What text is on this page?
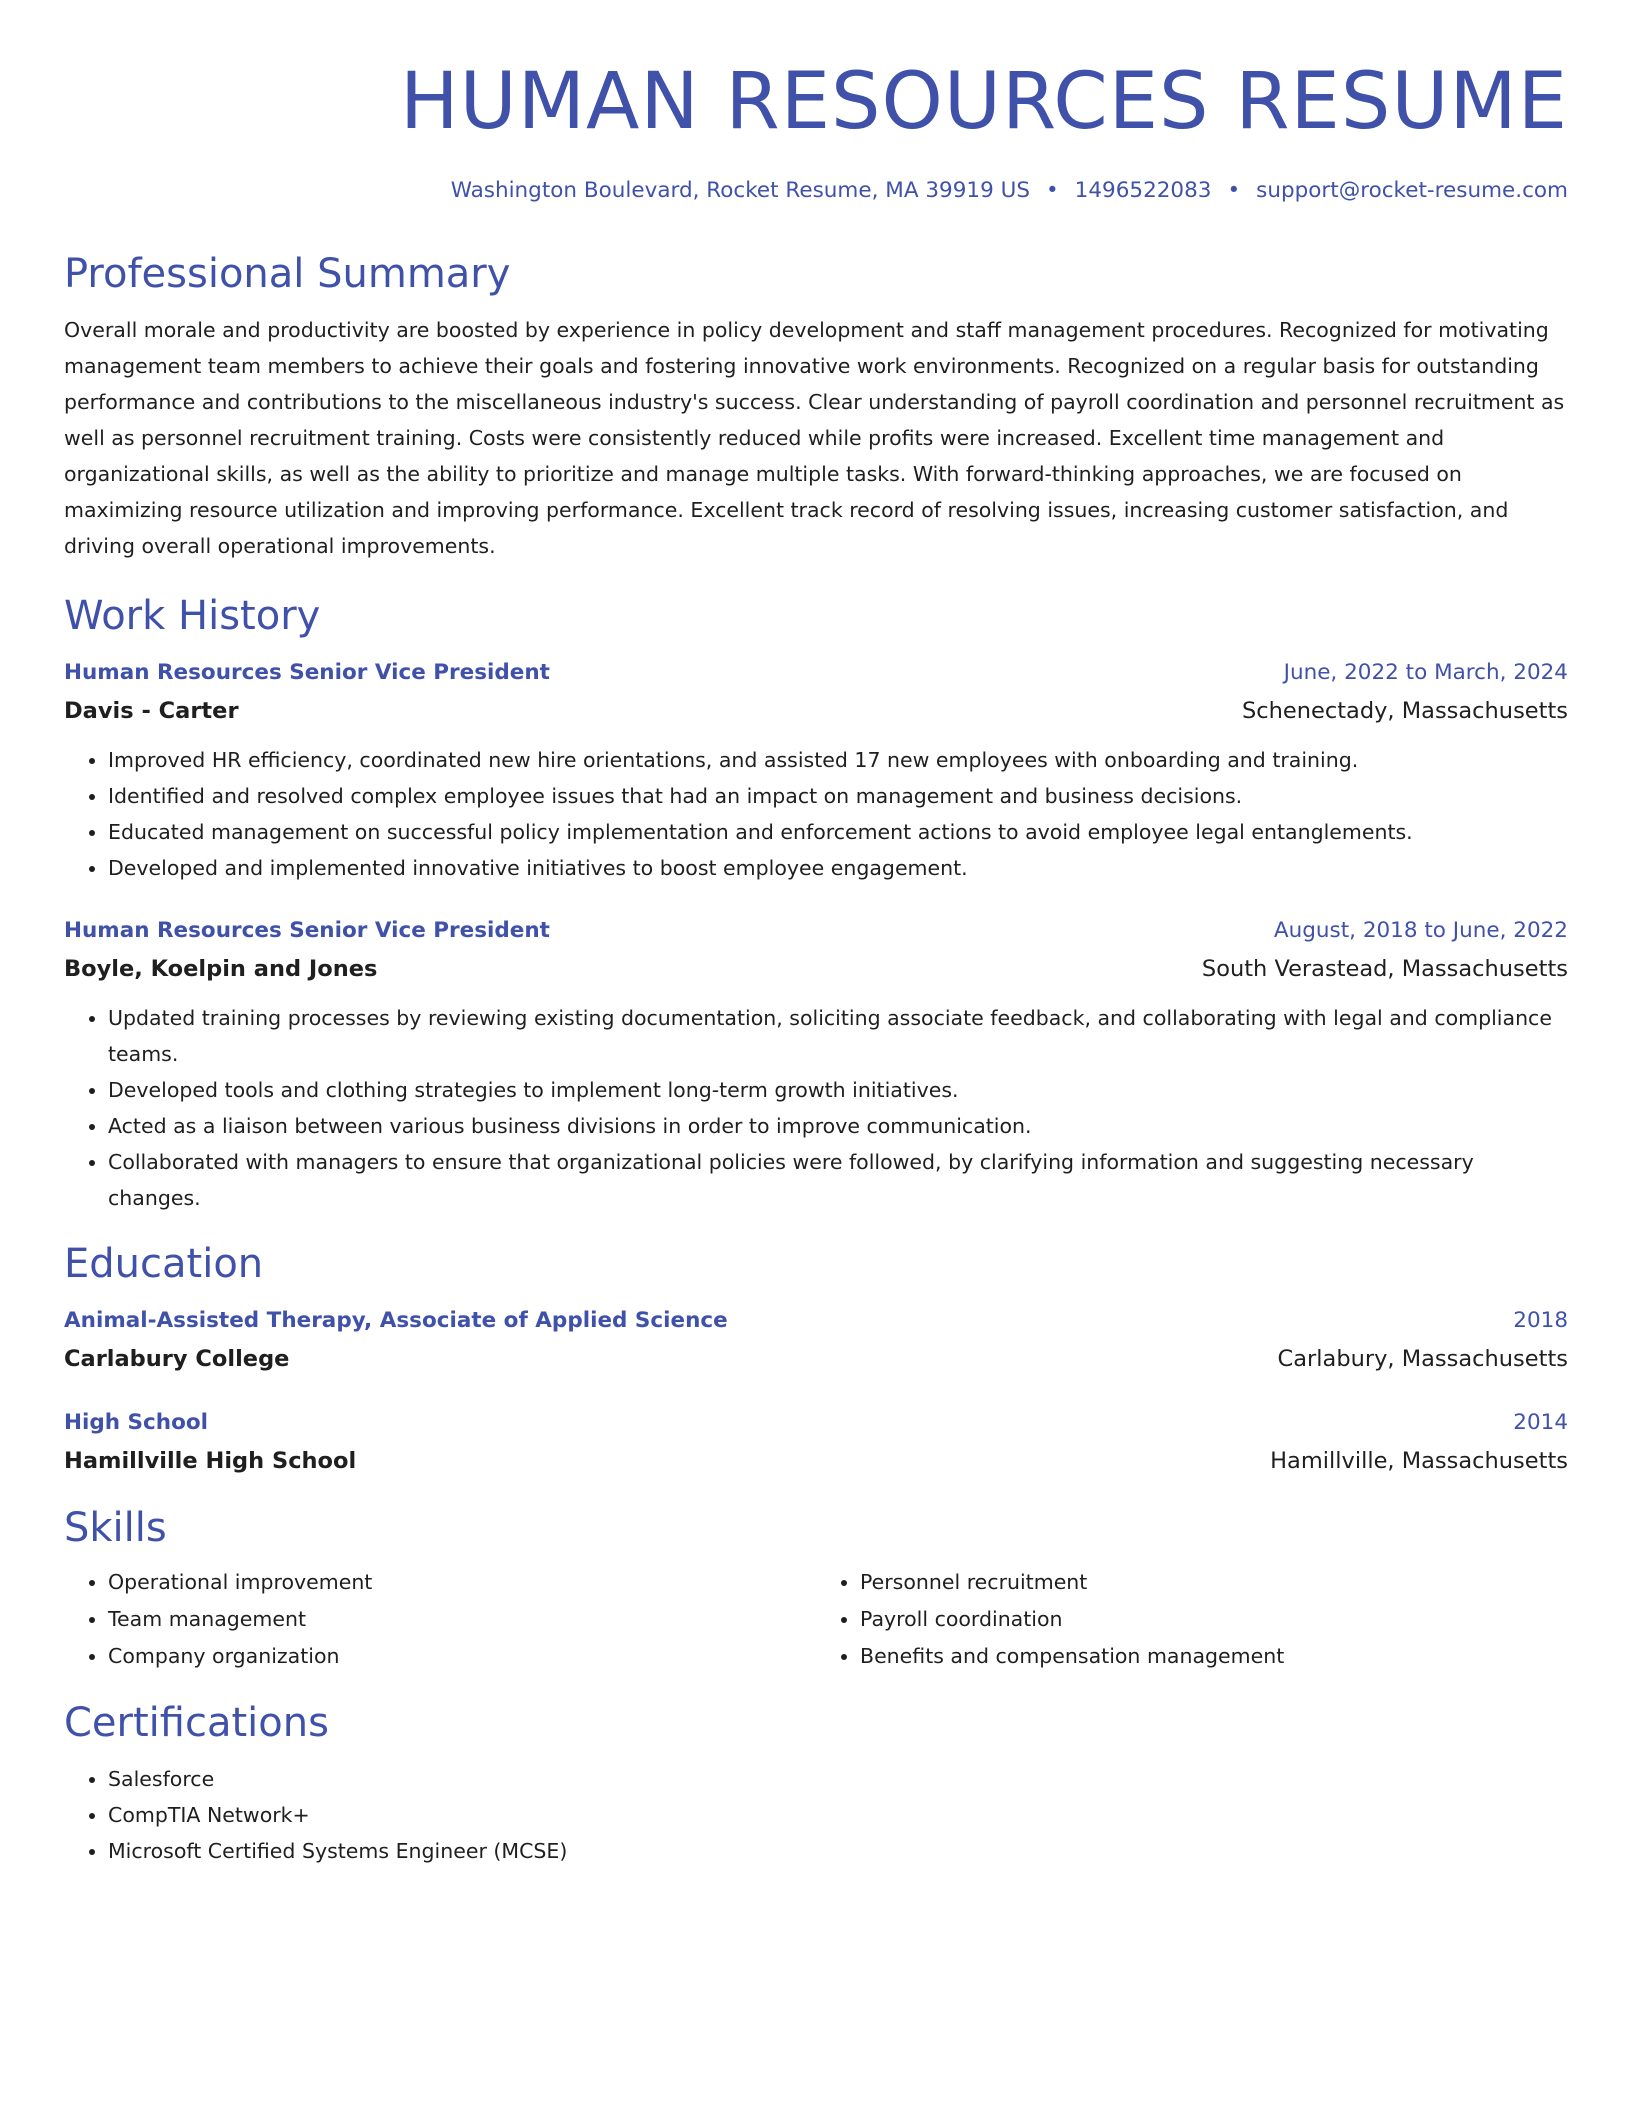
HUMAN RESOURCES RESUME
Washington Boulevard, Rocket Resume, MA 39919 US • 1496522083 • support@rocket-resume.com
Professional Summary
Overall morale and productivity are boosted by experience in policy development and staff management procedures. Recognized for motivating management team members to achieve their goals and fostering innovative work environments. Recognized on a regular basis for outstanding performance and contributions to the miscellaneous industry's success. Clear understanding of payroll coordination and personnel recruitment as well as personnel recruitment training. Costs were consistently reduced while profits were increased. Excellent time management and organizational skills, as well as the ability to prioritize and manage multiple tasks. With forward-thinking approaches, we are focused on maximizing resource utilization and improving performance. Excellent track record of resolving issues, increasing customer satisfaction, and driving overall operational improvements.
Work History
Human Resources Senior Vice President	June, 2022 to March, 2024
Davis - Carter	Schenectady, Massachusetts
• Improved HR efficiency, coordinated new hire orientations, and assisted 17 new employees with onboarding and training.
• Identified and resolved complex employee issues that had an impact on management and business decisions.
• Educated management on successful policy implementation and enforcement actions to avoid employee legal entanglements.
• Developed and implemented innovative initiatives to boost employee engagement.
Human Resources Senior Vice President	August, 2018 to June, 2022
Boyle, Koelpin and Jones	South Verastead, Massachusetts
• Updated training processes by reviewing existing documentation, soliciting associate feedback, and collaborating with legal and compliance teams.
• Developed tools and clothing strategies to implement long-term growth initiatives.
• Acted as a liaison between various business divisions in order to improve communication.
• Collaborated with managers to ensure that organizational policies were followed, by clarifying information and suggesting necessary changes.
Education
Animal-Assisted Therapy, Associate of Applied Science	2018
Carlabury College	Carlabury, Massachusetts
High School	2014
Hamillville High School	Hamillville, Massachusetts
Skills
• Operational improvement
• Team management
• Company organization
• Personnel recruitment
• Payroll coordination
• Benefits and compensation management
Certifications
• Salesforce
• CompTIA Network+
• Microsoft Certified Systems Engineer (MCSE)
